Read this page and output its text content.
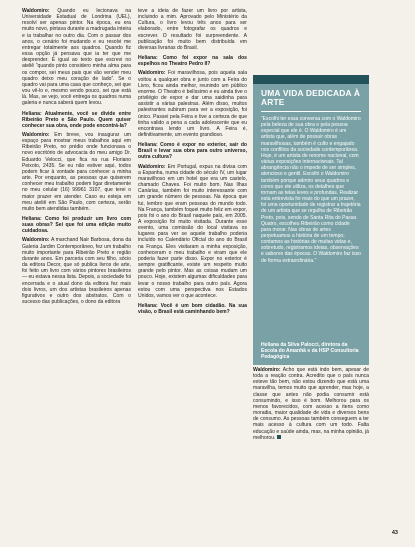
Waldomiro: Quando eu lecionava na Universidade Estadual de Londrina (UEL), resolvi ser apenas pintor. Na época, eu era muito novo, pintava durante a madrugada inteira e ia trabalhar no outro dia. Com o passar dos anos, o cenário foi mudando e eu resolvi me entregar totalmente aos quadros. Quando fiz essa opção já pensava que ia ter que me desprender. É igual ao texto que escrevi no ateliê “quando pinto considero minha alma para os compor, sei meus pais que vão vender meu quadro deixo meu coração de lado”. Se o quadro vai para uma casa que conheço, sei que vou vê-lo e, mesmo vendo pouco, sei que está lá. Mas, se vejo, você entrega os quadros numa galeria e nunca saberá quem levou.

Heliana: Atualmente, você se divide entre Ribeirão Preto e São Paulo. Quem quiser conhecer sua obra, onde pode encontrá-la?

Waldomiro: Em breve, vou inaugurar um espaço para mostrar meus trabalhos aqui em Ribeirão Preto, no prédio onde funcionava o novo escritório de advocacia do meu amigo Dr. Eduardo Velocci, que fica na rua Floriano Peixoto, 2435. Se eu não estiver aqui, todos podem ficar à vontade para conhecer a minha arte. Por enquanto, as pessoas que quiserem conhecer meu trabalho podem ligar diretamente no meu celular (16) 99961 3107, que terei o maior prazer em atender. Caso eu esteja em meu ateliê em São Paulo, com certeza, serão muito bem atendidas também.

Heliana: Como foi produzir um livro com suas obras? Sei que foi uma edição muito cuidadosa.

Waldomiro: A marchand Nair Barbosa, dona da Galeria Jardim Contemporâneo, fez um trabalho muito importante para Ribeirão Preto e região durante anos. Em parceria com seu filho, sócio da editora Decor, que só publica livros de arte, foi feito um livro com vários pintores brasileiros — eu estava nessa lista. Depois, a sociedade foi encerrada e o atual dono da editora fez mais dois livros, um dos artistas brasileiros apenas figurativos e outro dos abstratos. Com o sucesso das publicações, o dono da editora

teve a ideia de fazer um livro por artista, incluindo a mim. Aprovado pelo Ministério da Cultura, o livro levou três anos para ser elaborado, entre fotografar os quadros e escrever. O resultado foi surpreendente. A publicação foi muito bem distribuída em diversas livrarias do Brasil.

Heliana: Como foi expor na sala dos espelhos no Theatro Pedro II?

Waldomiro: Foi maravilhosa, pois aquela sala voltou a qualquer obra e junto com a Feira do Livro, ficou ainda melhor, reunindo um público enorme. O Theatro é belíssimo e eu ainda tive o privilégio de expor e dar uma saidinha para assistir a várias palestras. Além disso, muitos palestrantes subiram para ver a exposição, foi único. Passei pela Feira e tive a certeza de que tinha valido a pena a cada adolescente que eu encontrava lendo um livro. A Feira é, definitivamente, um evento grandioso.

Heliana: Como é expor no exterior, sair do Brasil e levar sua obra para outro universo, outra cultura?

Waldomiro: Em Portugal, expus na divisa com a Espanha, numa cidade do século IV, um lugar maravilhoso em um hotel que era um castelo, chamado Chaves. Foi muito bom. Nas Ilhas Canárias, também foi muito interessante com um grande número de pessoas. Na época que fui, lembro que eram pessoas do mundo todo. Na França, também foquei muito feliz em expor, pois foi o ano do Brasil naquele país, em 2005. A exposição foi muito visitada. Durante esse evento, uma comissão do local visitava os lugares para ver se aquele trabalho poderia incluído no Calendário Oficial do ano do Brasil na França. Eles visitaram a minha exposição, conheceram o meu trabalho e viram que ele poderia fazer parte disso. Expor no exterior é sempre gratificante, existe um respeito muito grande pelo pintor. Mas as coisas mudam um pouco. Hoje, existem algumas dificuldades para levar o nosso trabalho para outro país. Agora estou com uma perspectiva nos Estados Unidos, vamos ver o que acontece.

Heliana: Você é um bom cidadão. Na sua visão, o Brasil está caminhando bem?

UMA VIDA DEDICADA À ARTE
“Escolhi ter essa conversa com o Waldomiro pela beleza de sua obra e pela pessoa especial que ele é. O Waldomiro é um artista que, além de possuir obras maravilhosas, também é culto e engajado nos conflitos da sociedade contemporânea. Hoje, é um artista de renome nacional, com várias exposições internacionais. Tal abrangência não o impede de ser simples, atencioso e gentil. Escolhi o Waldomiro também porque admiro seus quadros e cores que ele utiliza, os detalhes que tornam as telas leves e profundas. Realizar esta entrevista foi mais do que um prazer, foi uma oportunidade de registrar a trajetória de um artista que se orgulha de Ribeirão Preto, pois, sendo de Santa Rita do Passa Quatro, escolheu Ribeirão como cidade para morar. Nas obras de artes perpetuamos a história de um tempo; contamos as histórias de muitas vidas e, sobretudo, registramos ideias, observações e sabores das épocas. O Waldomiro faz isso de forma extraordinária.”
Heliana da Silva Palocci, diretora da Escola do Amanhã e da HSP Consultoria Pedagógica

Waldomiro: Acho que está indo bem, apesar de toda a reação contra. Acredito que o país nunca esteve tão bem, não estou dizendo que está uma maravilha, temos muito que aprender, mas hoje, a classe que antes não podia consumir está consumindo, e isso é bom. Melhorou para os menos favorecidos, com acesso a itens como moradia, maior qualidade de vida e diversos bens de consumo. As pessoas também conseguem a ter mais acesso à cultura com um todo. Falta educação e saúde ainda, mas, na minha opinião, já melhorou.

43
